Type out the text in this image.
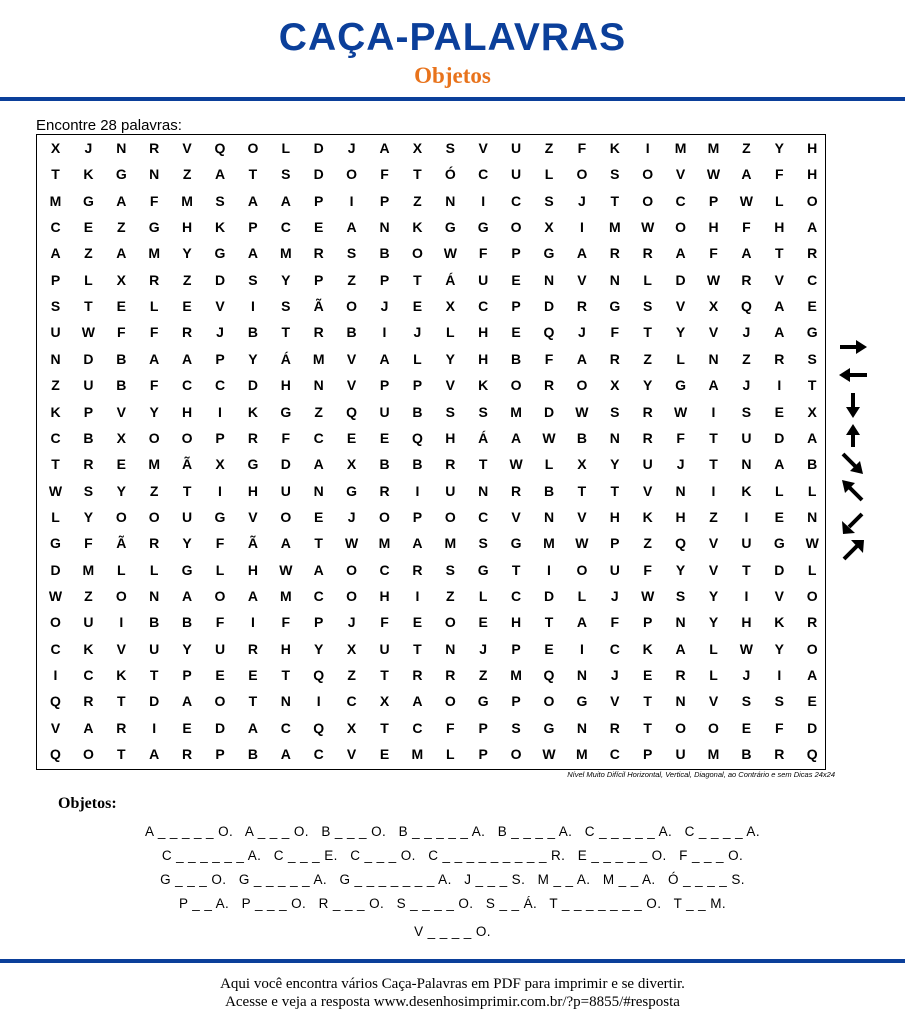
CAÇA-PALAVRAS
Objetos
Encontre 28 palavras:
X	J	N	R	V	Q	O	L	D	J	A	X	S	V	U	Z	F	K	I	M	M	Z	Y	H
T	K	G	N	Z	A	T	S	D	O	F	T	Ó	C	U	L	O	S	O	V	W	A	F	H
M	G	A	F	M	S	A	A	P	I	P	Z	N	I	C	S	J	T	O	C	P	W	L	O
C	E	Z	G	H	K	P	C	E	A	N	K	G	G	O	X	I	M	W	O	H	F	H	A
A	Z	A	M	Y	G	A	M	R	S	B	O	W	F	P	G	A	R	R	A	F	A	T	R
P	L	X	R	Z	D	S	Y	P	Z	P	T	Á	U	E	N	V	N	L	D	W	R	V	C
S	T	E	L	E	V	I	S	Ã	O	J	E	X	C	P	D	R	G	S	V	X	Q	A	E
U	W	F	F	R	J	B	T	R	B	I	J	L	H	E	Q	J	F	T	Y	V	J	A	G
N	D	B	A	A	P	Y	Á	M	V	A	L	Y	H	B	F	A	R	Z	L	N	Z	R	S
Z	U	B	F	C	C	D	H	N	V	P	P	V	K	O	R	O	X	Y	G	A	J	I	T
K	P	V	Y	H	I	K	G	Z	Q	U	B	S	S	M	D	W	S	R	W	I	S	E	X
C	B	X	O	O	P	R	F	C	E	E	Q	H	Á	A	W	B	N	R	F	T	U	D	A
T	R	E	M	Ã	X	G	D	A	X	B	B	R	T	W	L	X	Y	U	J	T	N	A	B
W	S	Y	Z	T	I	H	U	N	G	R	I	U	N	R	B	T	T	V	N	I	K	L	L
L	Y	O	O	U	G	V	O	E	J	O	P	O	C	V	N	V	H	K	H	Z	I	E	N
G	F	Ã	R	Y	F	Ã	A	T	W	M	A	M	S	G	M	W	P	Z	Q	V	U	G	W
D	M	L	L	G	L	H	W	A	O	C	R	S	G	T	I	O	U	F	Y	V	T	D	L
W	Z	O	N	A	O	A	M	C	O	H	I	Z	L	C	D	L	J	W	S	Y	I	V	O
O	U	I	B	B	F	I	F	P	J	F	E	O	E	H	T	A	F	P	N	Y	H	K	R
C	K	V	U	Y	U	R	H	Y	X	U	T	N	J	P	E	I	C	K	A	L	W	Y	O
I	C	K	T	P	E	E	T	Q	Z	T	R	R	Z	M	Q	N	J	E	R	L	J	I	A
Q	R	T	D	A	O	T	N	I	C	X	A	O	G	P	O	G	V	T	N	V	S	S	E
V	A	R	I	E	D	A	C	Q	X	T	C	F	P	S	G	N	R	T	O	O	E	F	D
Q	O	T	A	R	P	B	A	C	V	E	M	L	P	O	W	M	C	P	U	M	B	R	Q
Nível Muito Difícil Horizontal, Vertical, Diagonal, ao Contrário e sem Dicas 24x24
Objetos:
A _ _ _ _ _ O.   A _ _ _ O.   B _ _ _ O.   B _ _ _ _ _ A.   B _ _ _ _ A.   C _ _ _ _ _ A.   C _ _ _ _ A.
C _ _ _ _ _ _ A.   C _ _ _ E.   C _ _ _ O.   C _ _ _ _ _ _ _ _ _ R.   E _ _ _ _ _ O.   F _ _ _ O.
G _ _ _ O.   G _ _ _ _ _ A.   G _ _ _ _ _ _ _ A.   J _ _ _ S.   M _ _ A.   M _ _ A.   Ó _ _ _ _ S.
P _ _ A.   P _ _ _ O.   R _ _ _ O.   S _ _ _ _ O.   S _ _ Á.   T _ _ _ _ _ _ _ O.   T _ _ M.
V _ _ _ _ O.
Aqui você encontra vários Caça-Palavras em PDF para imprimir e se divertir.
Acesse e veja a resposta www.desenhosimprimir.com.br/?p=8855/#resposta
